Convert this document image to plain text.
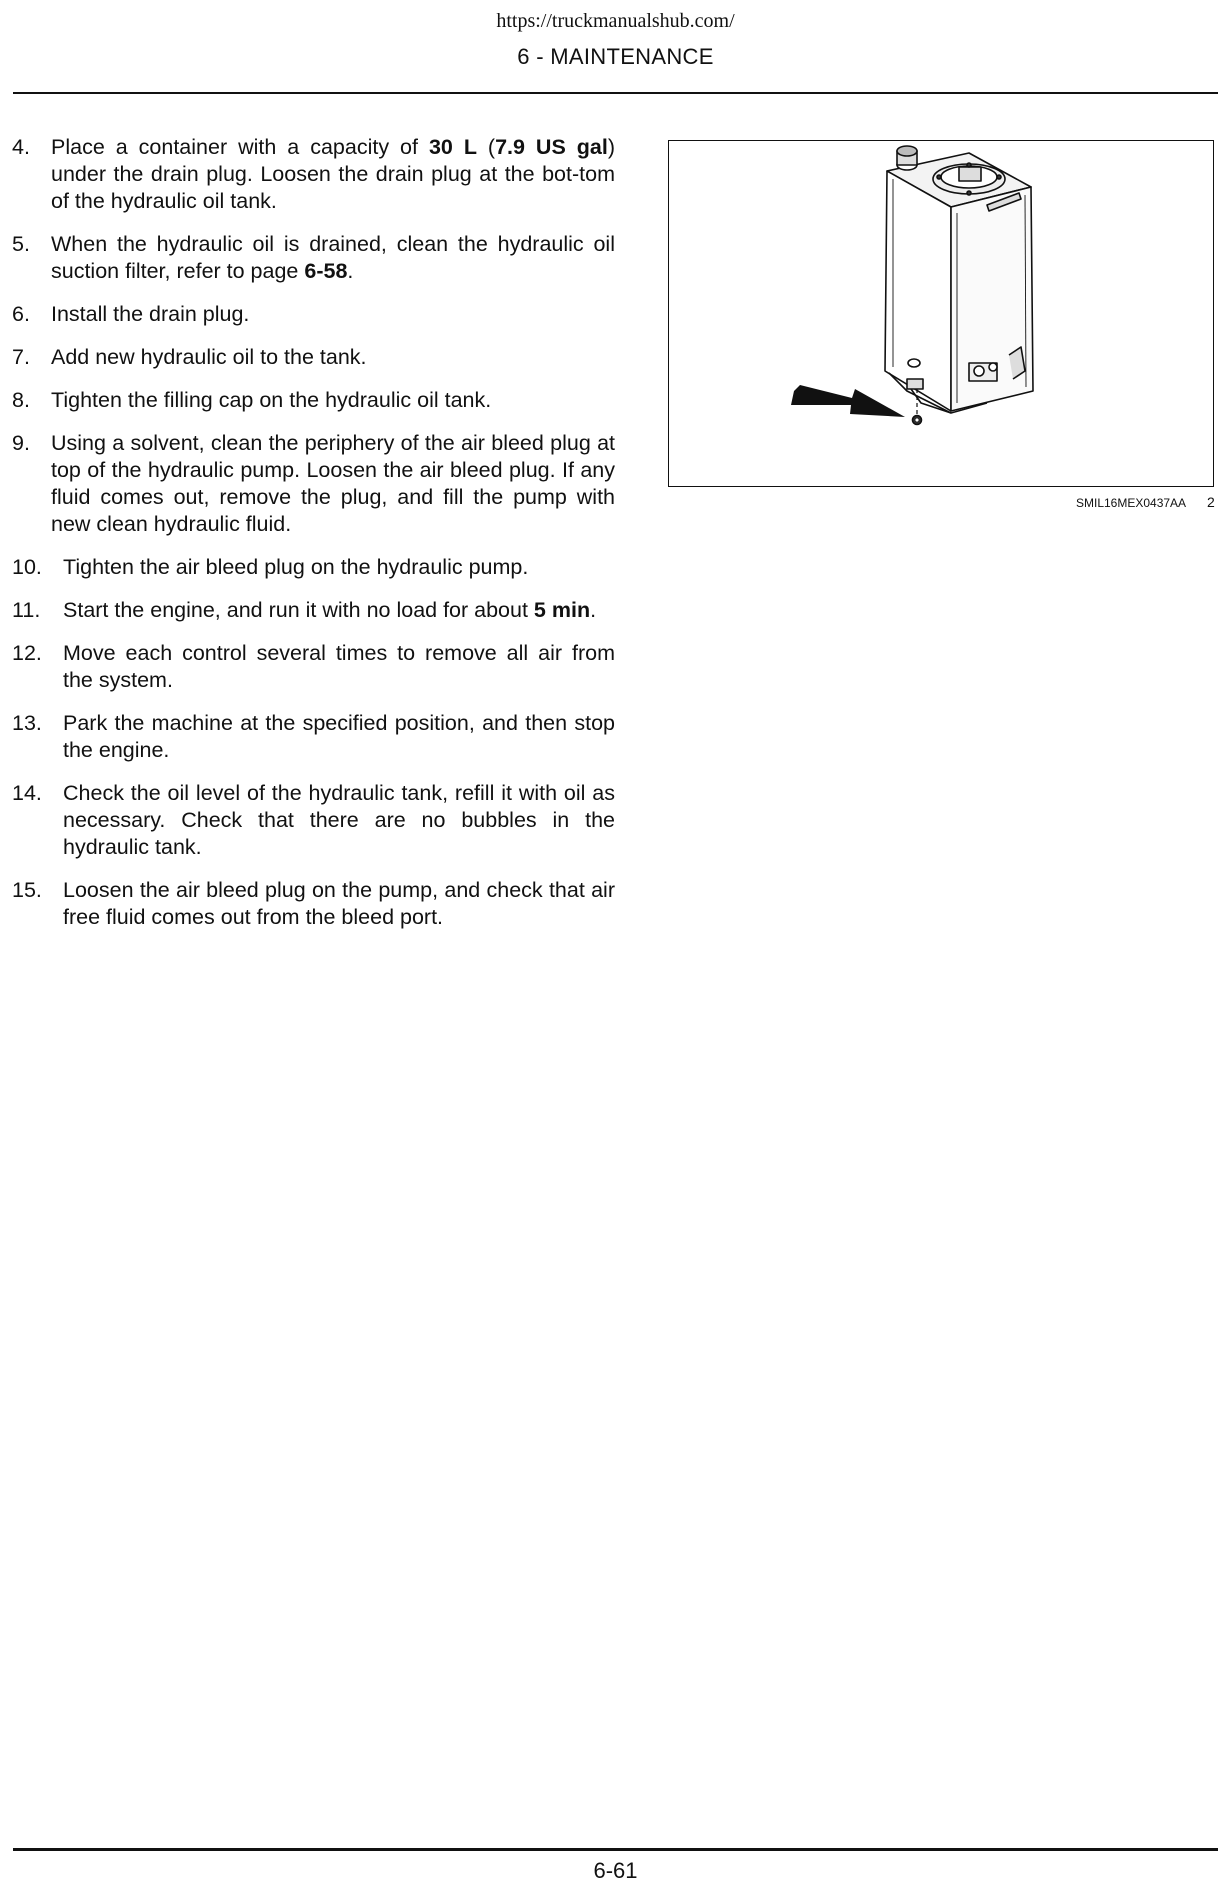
https://truckmanualshub.com/
6 - MAINTENANCE
4. Place a container with a capacity of 30 L (7.9 US gal) under the drain plug. Loosen the drain plug at the bot-tom of the hydraulic oil tank.
5. When the hydraulic oil is drained, clean the hydraulic oil suction filter, refer to page 6-58.
6. Install the drain plug.
7. Add new hydraulic oil to the tank.
8. Tighten the filling cap on the hydraulic oil tank.
9. Using a solvent, clean the periphery of the air bleed plug at top of the hydraulic pump. Loosen the air bleed plug. If any fluid comes out, remove the plug, and fill the pump with new clean hydraulic fluid.
10. Tighten the air bleed plug on the hydraulic pump.
11.	Start the engine, and run it with no load for about 5 min.
12. Move each control several times to remove all air from the system.
13. Park the machine at the specified position, and then stop the engine.
14. Check the oil level of the hydraulic tank, refill it with oil as necessary. Check that there are no bubbles in the hydraulic tank.
15. Loosen the air bleed plug on the pump, and check that air free fluid comes out from the bleed port.
SMIL16MEX0437AA 2
6-61
